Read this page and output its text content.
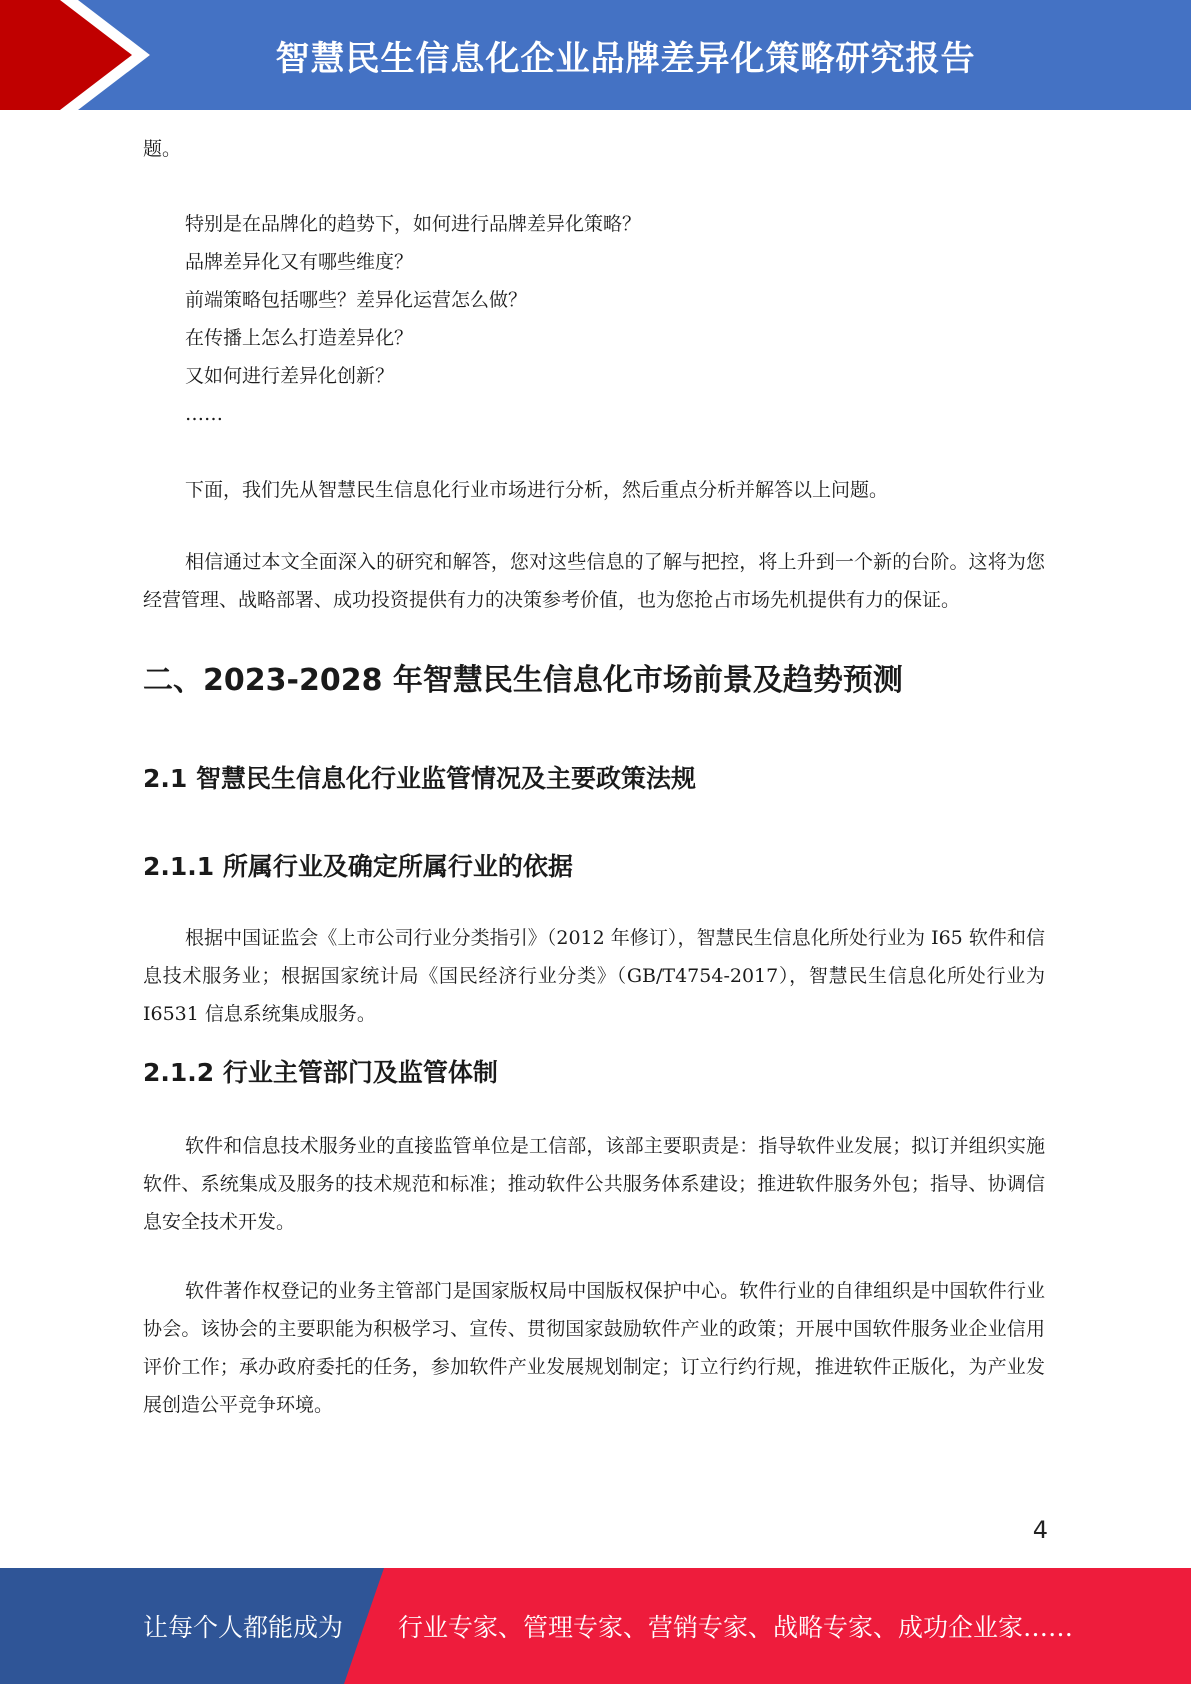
智慧民生信息化企业品牌差异化策略研究报告

题。

特别是在品牌化的趋势下，如何进行品牌差异化策略？
品牌差异化又有哪些维度？
前端策略包括哪些？差异化运营怎么做？
在传播上怎么打造差异化？
又如何进行差异化创新？
……

下面，我们先从智慧民生信息化行业市场进行分析，然后重点分析并解答以上问题。

相信通过本文全面深入的研究和解答，您对这些信息的了解与把控，将上升到一个新的台阶。这将为您经营管理、战略部署、成功投资提供有力的决策参考价值，也为您抢占市场先机提供有力的保证。

二、2023-2028 年智慧民生信息化市场前景及趋势预测
2.1 智慧民生信息化行业监管情况及主要政策法规
2.1.1 所属行业及确定所属行业的依据

根据中国证监会《上市公司行业分类指引》（2012 年修订），智慧民生信息化所处行业为 I65 软件和信息技术服务业；根据国家统计局《国民经济行业分类》（GB/T4754-2017），智慧民生信息化所处行业为 I6531 信息系统集成服务。

2.1.2 行业主管部门及监管体制

软件和信息技术服务业的直接监管单位是工信部，该部主要职责是：指导软件业发展；拟订并组织实施软件、系统集成及服务的技术规范和标准；推动软件公共服务体系建设；推进软件服务外包；指导、协调信息安全技术开发。

软件著作权登记的业务主管部门是国家版权局中国版权保护中心。软件行业的自律组织是中国软件行业协会。该协会的主要职能为积极学习、宣传、贯彻国家鼓励软件产业的政策；开展中国软件服务业企业信用评价工作；承办政府委托的任务，参加软件产业发展规划制定；订立行约行规，推进软件正版化，为产业发展创造公平竞争环境。

4
让每个人都能成为 行业专家、管理专家、营销专家、战略专家、成功企业家……
